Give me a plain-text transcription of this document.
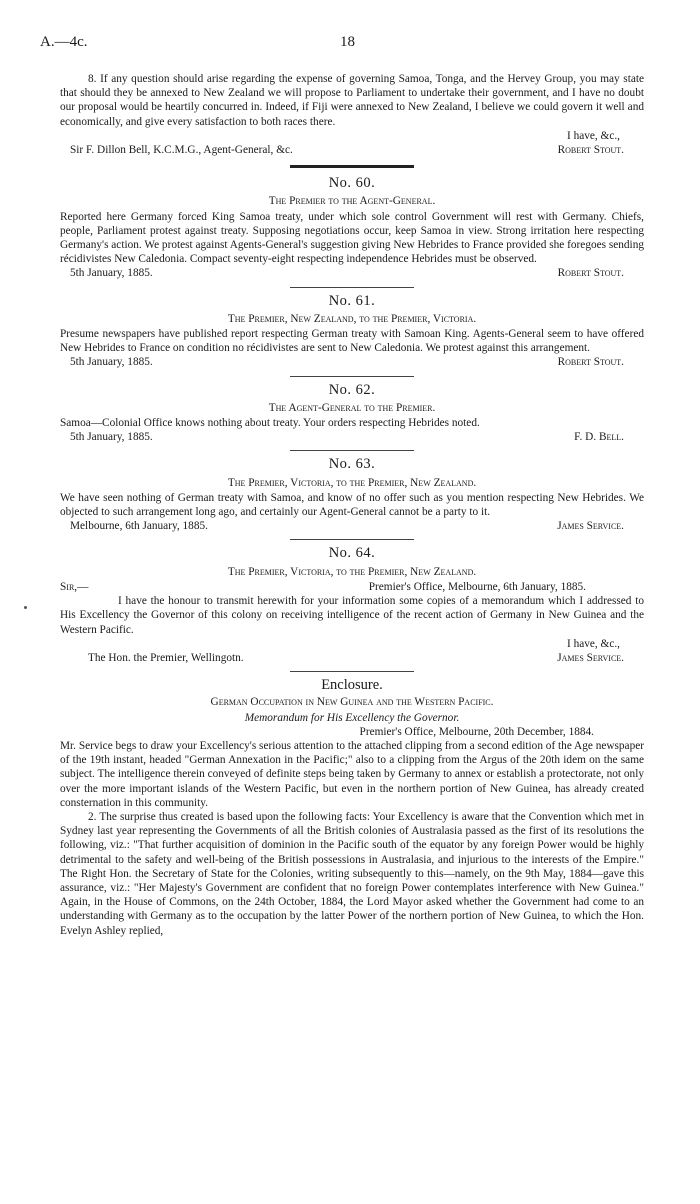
A.—4c.	18

8. If any question should arise regarding the expense of governing Samoa, Tonga, and the Hervey Group, you may state that should they be annexed to New Zealand we will propose to Parliament to undertake their government, and I have no doubt our proposal would be heartily concurred in. Indeed, if Fiji were annexed to New Zealand, I believe we could govern it well and economically, and give every satisfaction to both races there.

I have, &c.,
Sir F. Dillon Bell, K.C.M.G., Agent-General, &c.	Robert Stout.
No. 60.
The Premier to the Agent-General.

Reported here Germany forced King Samoa treaty, under which sole control Government will rest with Germany. Chiefs, people, Parliament protest against treaty. Supposing negotiations occur, keep Samoa in view. Strong irritation here respecting Germany's action. We protest against Agents-General's suggestion giving New Hebrides to France provided she foregoes sending récidivistes New Caledonia. Compact seventy-eight respecting independence Hebrides must be observed.

5th January, 1885.	Robert Stout.
No. 61.
The Premier, New Zealand, to the Premier, Victoria.

Presume newspapers have published report respecting German treaty with Samoan King. Agents-General seem to have offered New Hebrides to France on condition no récidivistes are sent to New Caledonia. We protest against this arrangement.

5th January, 1885.	Robert Stout.
No. 62.
The Agent-General to the Premier.

Samoa—Colonial Office knows nothing about treaty. Your orders respecting Hebrides noted.

5th January, 1885.	F. D. Bell.
No. 63.
The Premier, Victoria, to the Premier, New Zealand.

We have seen nothing of German treaty with Samoa, and know of no offer such as you mention respecting New Hebrides. We objected to such arrangement long ago, and certainly our Agent-General cannot be a party to it.

Melbourne, 6th January, 1885.	James Service.
No. 64.
The Premier, Victoria, to the Premier, New Zealand.
Sir,—	Premier's Office, Melbourne, 6th January, 1885.

I have the honour to transmit herewith for your information some copies of a memorandum which I addressed to His Excellency the Governor of this colony on receiving intelligence of the recent action of Germany in New Guinea and the Western Pacific.

I have, &c.,
The Hon. the Premier, Wellingotn.	James Service.
Enclosure.
German Occupation in New Guinea and the Western Pacific.
Memorandum for His Excellency the Governor.
Premier's Office, Melbourne, 20th December, 1884.

Mr. Service begs to draw your Excellency's serious attention to the attached clipping from a second edition of the Age newspaper of the 19th instant, headed "German Annexation in the Pacific;" also to a clipping from the Argus of the 20th idem on the same subject. The intelligence therein conveyed of definite steps being taken by Germany to annex or establish a protectorate, not only over the more important islands of the Western Pacific, but even in the northern portion of New Guinea, has already created consternation in this community.

2. The surprise thus created is based upon the following facts: Your Excellency is aware that the Convention which met in Sydney last year representing the Governments of all the British colonies of Australasia passed as the first of its resolutions the following, viz.: "That further acquisition of dominion in the Pacific south of the equator by any foreign Power would be highly detrimental to the safety and well-being of the British possessions in Australasia, and injurious to the interests of the Empire." The Right Hon. the Secretary of State for the Colonies, writing subsequently to this—namely, on the 9th May, 1884—gave this assurance, viz.: "Her Majesty's Government are confident that no foreign Power contemplates interference with New Guinea." Again, in the House of Commons, on the 24th October, 1884, the Lord Mayor asked whether the Government had come to an understanding with Germany as to the occupation by the latter Power of the northern portion of New Guinea, to which the Hon. Evelyn Ashley replied,
